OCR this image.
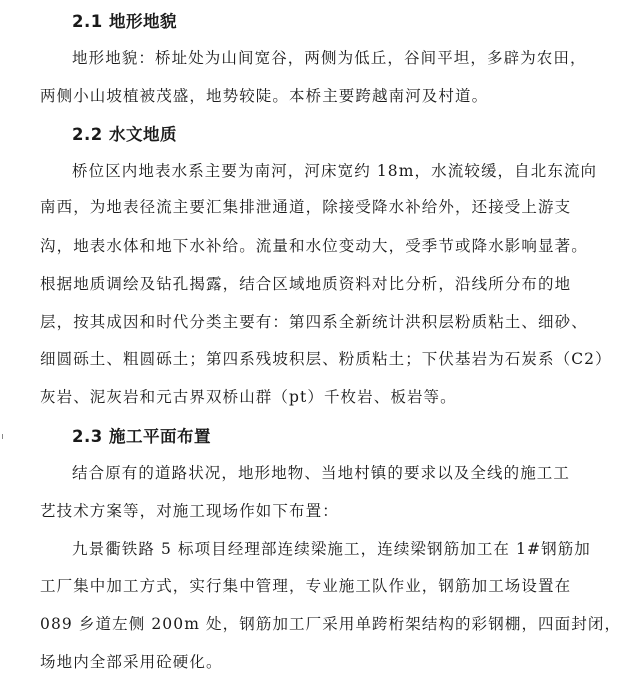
2.1 地形地貌
地形地貌：桥址处为山间宽谷，两侧为低丘，谷间平坦，多辟为农田，
两侧小山坡植被茂盛，地势较陡。本桥主要跨越南河及村道。
2.2 水文地质
桥位区内地表水系主要为南河，河床宽约 18m，水流较缓，自北东流向
南西，为地表径流主要汇集排泄通道，除接受降水补给外，还接受上游支
沟，地表水体和地下水补给。流量和水位变动大，受季节或降水影响显著。
根据地质调绘及钻孔揭露，结合区域地质资料对比分析，沿线所分布的地
层，按其成因和时代分类主要有：第四系全新统计洪积层粉质粘土、细砂、
细圆砾土、粗圆砾土；第四系残坡积层、粉质粘土；下伏基岩为石炭系（C2）
灰岩、泥灰岩和元古界双桥山群（pt）千枚岩、板岩等。
2.3 施工平面布置
结合原有的道路状况，地形地物、当地村镇的要求以及全线的施工工
艺技术方案等，对施工现场作如下布置：
九景衢铁路 5 标项目经理部连续梁施工，连续梁钢筋加工在 1#钢筋加
工厂集中加工方式，实行集中管理，专业施工队作业，钢筋加工场设置在
089 乡道左侧 200m 处，钢筋加工厂采用单跨桁架结构的彩钢棚，四面封闭，
场地内全部采用砼硬化。
